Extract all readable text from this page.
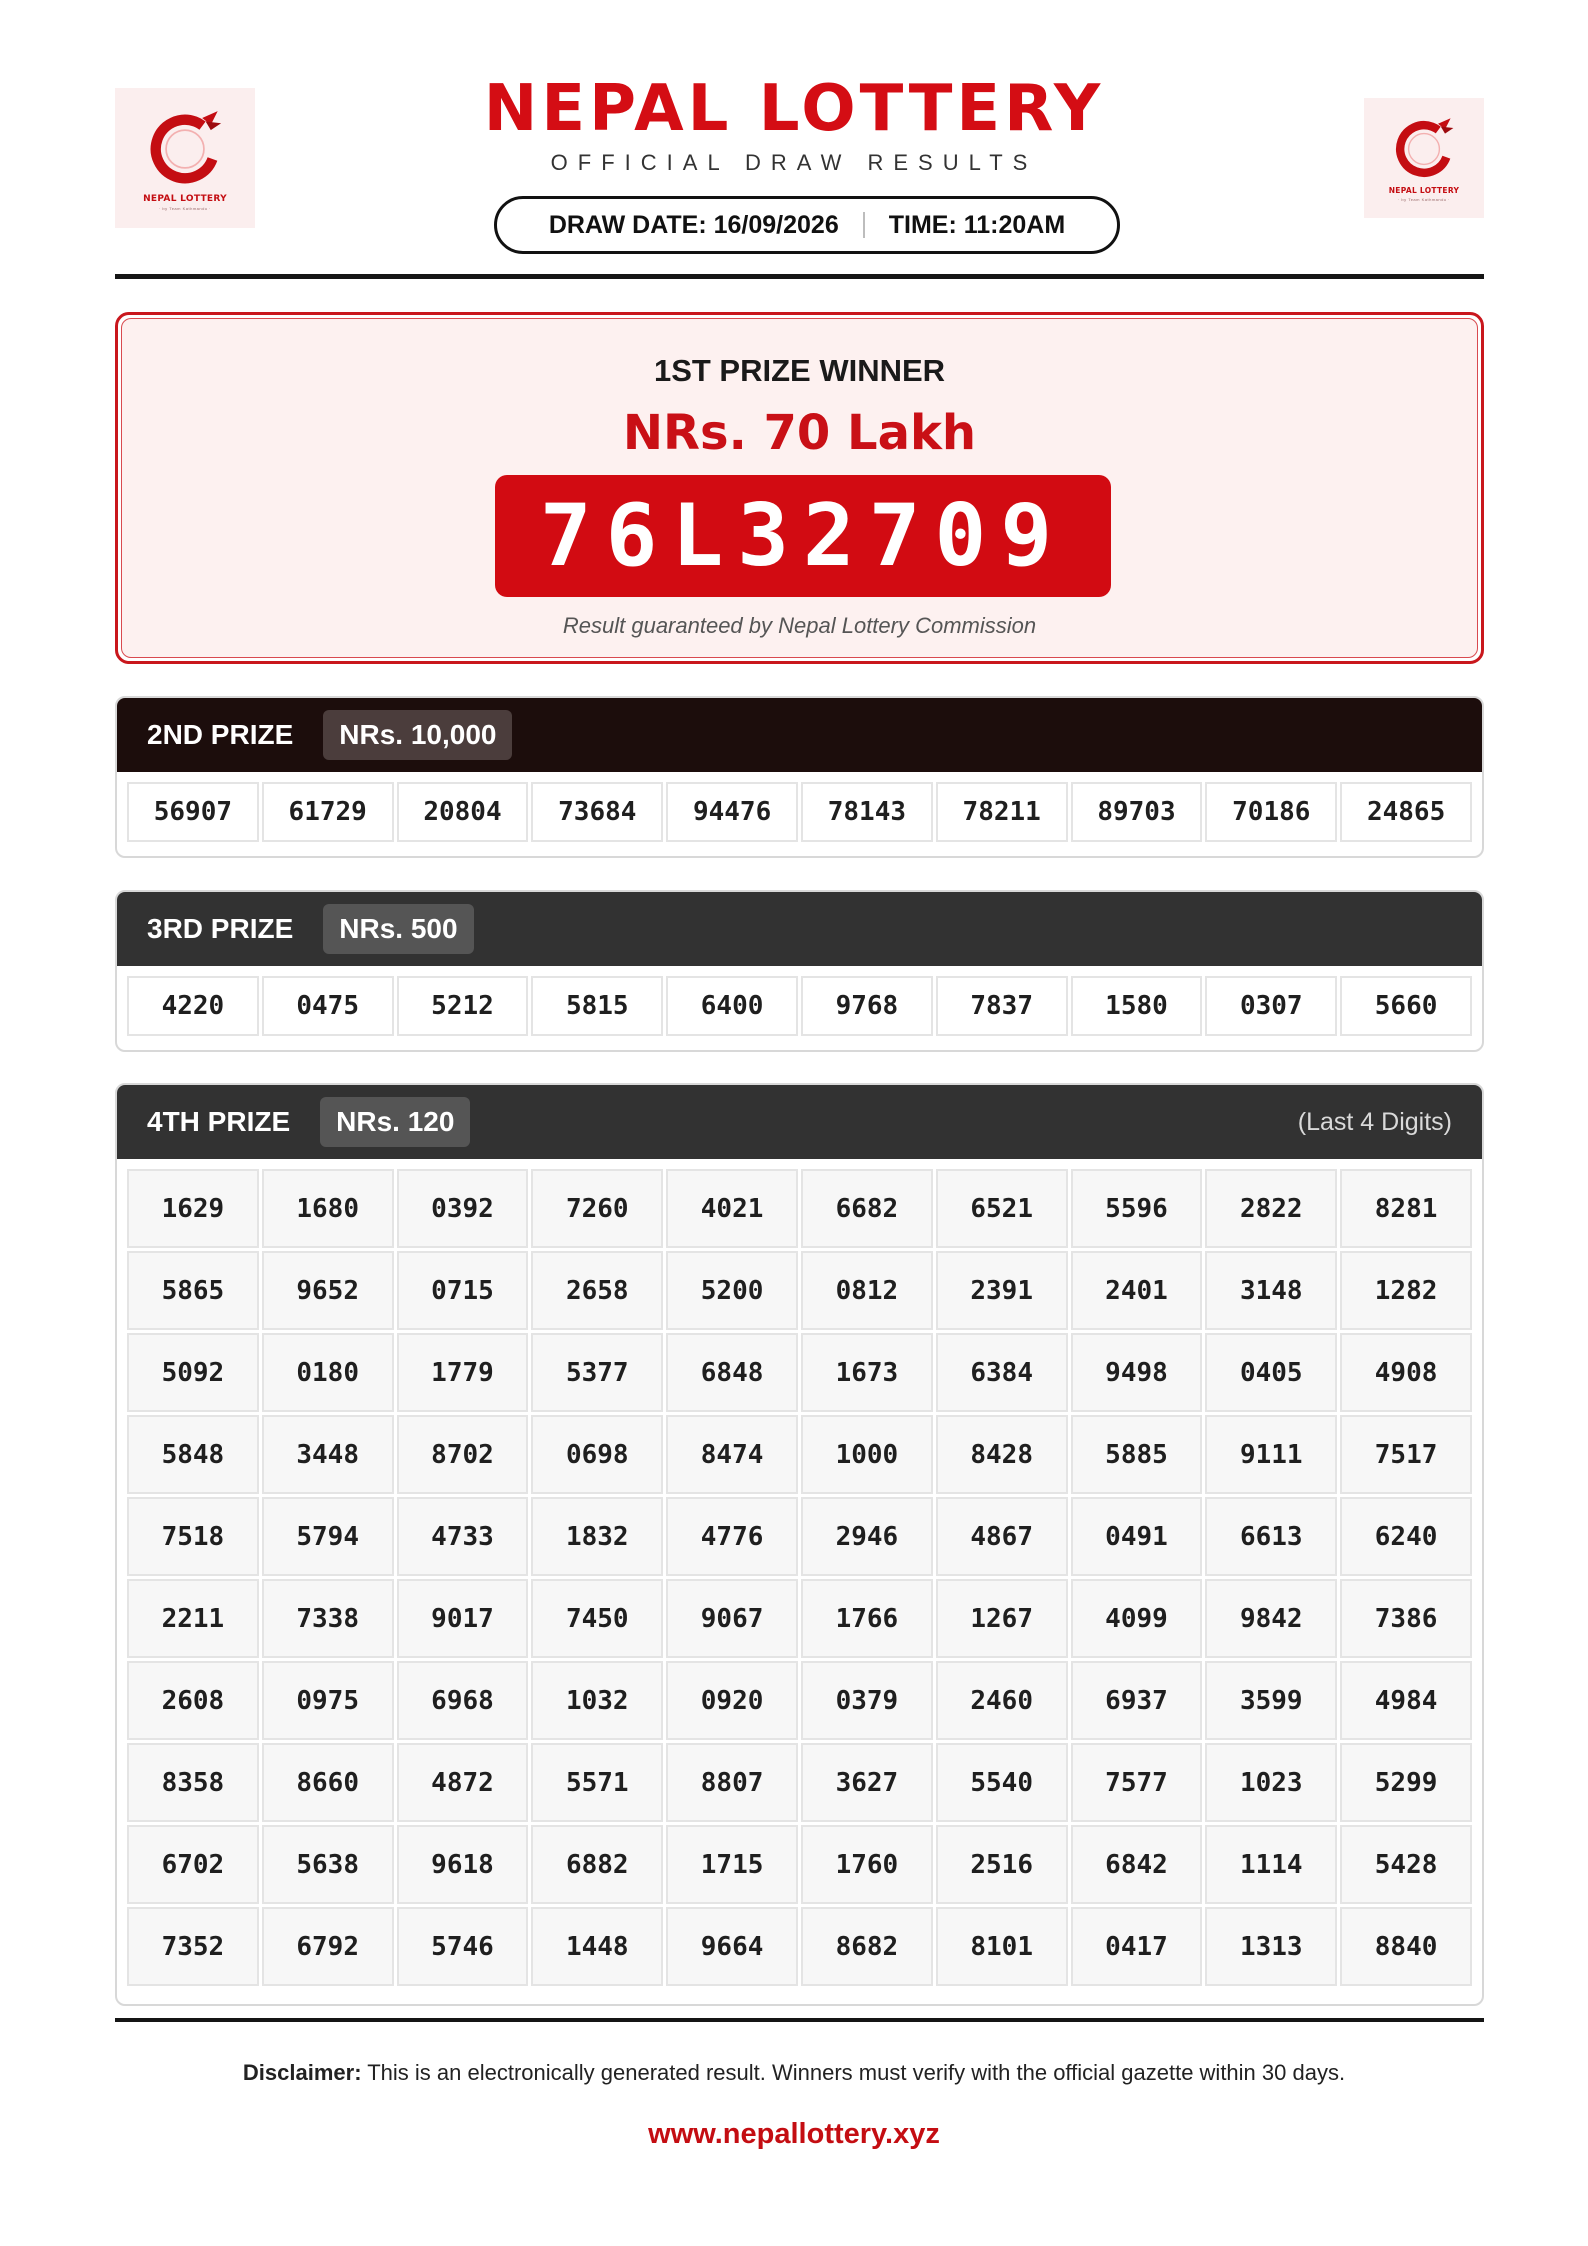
NEPAL LOTTERY
· by Team Kathmandu ·
NEPAL LOTTERY
· by Team Kathmandu ·
NEPAL LOTTERY
OFFICIAL DRAW RESULTS
DRAW DATE: 16/09/2026 TIME: 11:20AM
1ST PRIZE WINNER
NRs. 70 Lakh
76L32709
Result guaranteed by Nepal Lottery Commission
2ND PRIZE	NRs. 10,000
56907	61729	20804	73684	94476	78143	78211	89703	70186	24865
3RD PRIZE	NRs. 500
4220	0475	5212	5815	6400	9768	7837	1580	0307	5660
4TH PRIZE	NRs. 120	(Last 4 Digits)
1629	1680	0392	7260	4021	6682	6521	5596	2822	8281
5865	9652	0715	2658	5200	0812	2391	2401	3148	1282
5092	0180	1779	5377	6848	1673	6384	9498	0405	4908
5848	3448	8702	0698	8474	1000	8428	5885	9111	7517
7518	5794	4733	1832	4776	2946	4867	0491	6613	6240
2211	7338	9017	7450	9067	1766	1267	4099	9842	7386
2608	0975	6968	1032	0920	0379	2460	6937	3599	4984
8358	8660	4872	5571	8807	3627	5540	7577	1023	5299
6702	5638	9618	6882	1715	1760	2516	6842	1114	5428
7352	6792	5746	1448	9664	8682	8101	0417	1313	8840
Disclaimer: This is an electronically generated result. Winners must verify with the official gazette within 30 days.
www.nepallottery.xyz
